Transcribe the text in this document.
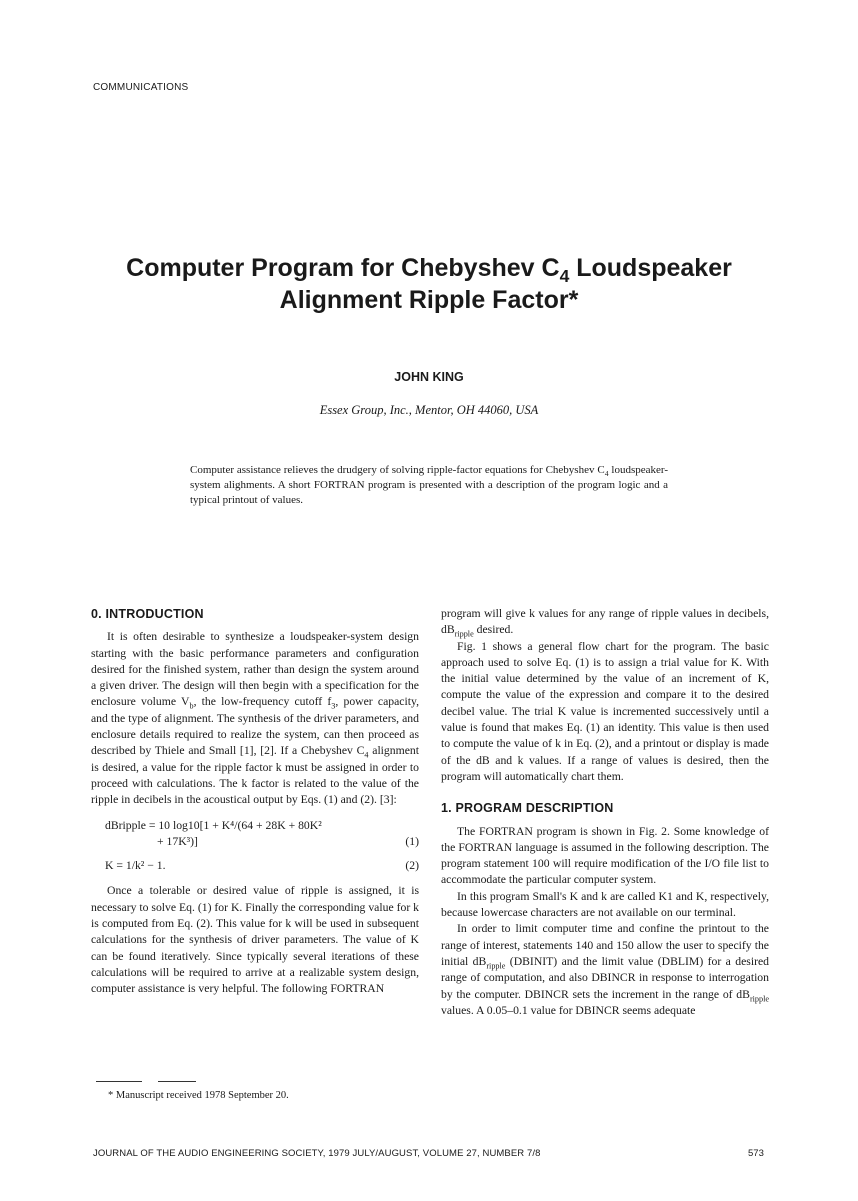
COMMUNICATIONS
Computer Program for Chebyshev $C_4$ Loudspeaker
Alignment Ripple Factor*
JOHN KING
Essex Group, Inc., Mentor, OH 44060, USA
Computer assistance relieves the drudgery of solving ripple-factor equations for Chebyshev $C_4$ loudspeaker-system alighments. A short FORTRAN program is presented with a description of the program logic and a typical printout of values.
0. INTRODUCTION

It is often desirable to synthesize a loudspeaker-system design starting with the basic performance parameters and configuration desired for the finished system, rather than design the system around a given driver. The design will then begin with a specification for the enclosure volume $V_b$, the low-frequency cutoff $f_3$, power capacity, and the type of alignment. The synthesis of the driver parameters, and enclosure details required to realize the system, can then proceed as described by Thiele and Small [1], [2]. If a Chebyshev $C_4$ alignment is desired, a value for the ripple factor k must be assigned in order to proceed with calculations. The k factor is related to the value of the ripple in decibels in the acoustical output by Eqs. (1) and (2). [3]:

dBripple = 10 log10[1 + K⁴/(64 + 28K + 80K²
+ 17K³)]	(1)
K = 1/k² − 1.	(2)

Once a tolerable or desired value of ripple is assigned, it is necessary to solve Eq. (1) for K. Finally the corresponding value for k is computed from Eq. (2). This value for k will be used in subsequent calculations for the synthesis of driver parameters. The value of K can be found iteratively. Since typically several iterations of these calculations will be required to arrive at a realizable system design, computer assistance is very helpful. The following FORTRAN

program will give k values for any range of ripple values in decibels, $dB_{ripple}$ desired.

Fig. 1 shows a general flow chart for the program. The basic approach used to solve Eq. (1) is to assign a trial value for K. With the initial value determined by the value of an increment of K, compute the value of the expression and compare it to the desired decibel value. The trial K value is incremented successively until a value is found that makes Eq. (1) an identity. This value is then used to compute the value of k in Eq. (2), and a printout or display is made of the dB and k values. If a range of values is desired, then the program will automatically chart them.

1. PROGRAM DESCRIPTION

The FORTRAN program is shown in Fig. 2. Some knowledge of the FORTRAN language is assumed in the following description. The program statement 100 will require modification of the I/O file list to accommodate the particular computer system.

In this program Small's K and k are called K1 and K, respectively, because lowercase characters are not available on our terminal.

In order to limit computer time and confine the printout to the range of interest, statements 140 and 150 allow the user to specify the initial $dB_{ripple}$ (DBINIT) and the limit value (DBLIM) for a desired range of computation, and also DBINCR in response to interrogation by the computer. DBINCR sets the increment in the range of $dB_{ripple}$ values. A 0.05–0.1 value for DBINCR seems adequate

* Manuscript received 1978 September 20.
JOURNAL OF THE AUDIO ENGINEERING SOCIETY, 1979 JULY/AUGUST, VOLUME 27, NUMBER 7/8	573
